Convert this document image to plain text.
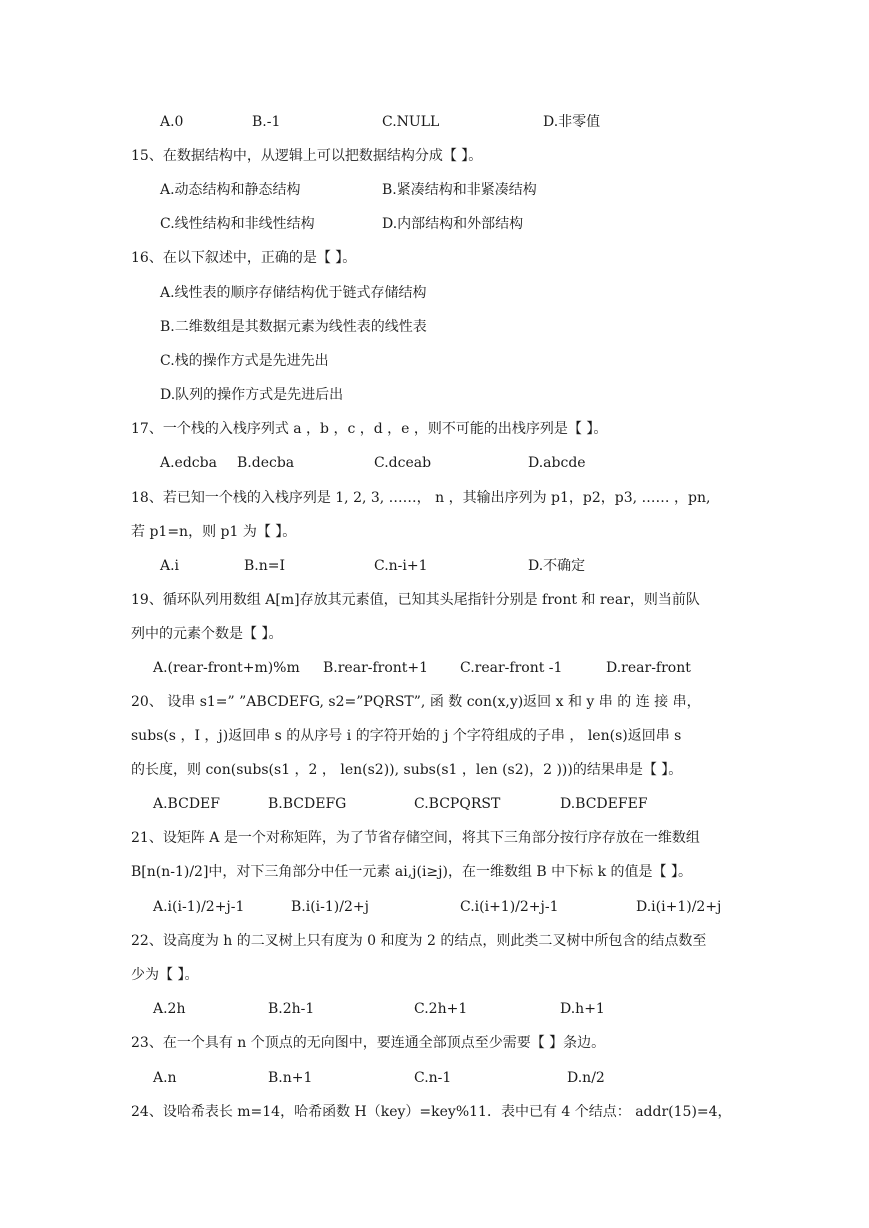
A.0	B.-1	C.NULL	D.非零值
15、在数据结构中，从逻辑上可以把数据结构分成【 】。
A.动态结构和静态结构	B.紧凑结构和非紧凑结构
C.线性结构和非线性结构	D.内部结构和外部结构
16、在以下叙述中，正确的是【 】。
A.线性表的顺序存储结构优于链式存储结构
B.二维数组是其数据元素为线性表的线性表
C.栈的操作方式是先进先出
D.队列的操作方式是先进后出
17、一个栈的入栈序列式 a ，b ，c ，d ，e ，则不可能的出栈序列是【 】。
A.edcba B.decba	C.dceab	D.abcde
18、若已知一个栈的入栈序列是 1, 2, 3, ……， n ，其输出序列为 p1，p2，p3, …… ，pn,
若 p1=n，则 p1 为【 】。
A.i	B.n=I	C.n-i+1	D.不确定
19、循环队列用数组 A[m]存放其元素值，已知其头尾指针分别是 front 和 rear，则当前队
列中的元素个数是【 】。
A.(rear-front+m)%m B.rear-front+1 C.rear-front -1	D.rear-front
20、 设串 s1=” ”ABCDEFG, s2=”PQRST”, 函 数 con(x,y)返回 x 和 y 串 的 连 接 串，
subs(s ，I ，j)返回串 s 的从序号 i 的字符开始的 j 个字符组成的子串 ， len(s)返回串 s
的长度，则 con(subs(s1 ，2 ， len(s2)), subs(s1 ，len (s2)，2 )))的结果串是【 】。
A.BCDEF	B.BCDEFG	C.BCPQRST	D.BCDEFEF
21、设矩阵 A 是一个对称矩阵，为了节省存储空间，将其下三角部分按行序存放在一维数组
B[n(n-1)/2]中，对下三角部分中任一元素 ai,j(i≥j)，在一维数组 B 中下标 k 的值是【 】。
A.i(i-1)/2+j-1	B.i(i-1)/2+j	C.i(i+1)/2+j-1	D.i(i+1)/2+j
22、设高度为 h 的二叉树上只有度为 0 和度为 2 的结点，则此类二叉树中所包含的结点数至
少为【 】。
A.2h	B.2h-1	C.2h+1	D.h+1
23、在一个具有 n 个顶点的无向图中，要连通全部顶点至少需要【 】条边。
A.n	B.n+1	C.n-1	D.n/2
24、设哈希表长 m=14，哈希函数 H（key）=key%11．表中已有 4 个结点： addr(15)=4，
